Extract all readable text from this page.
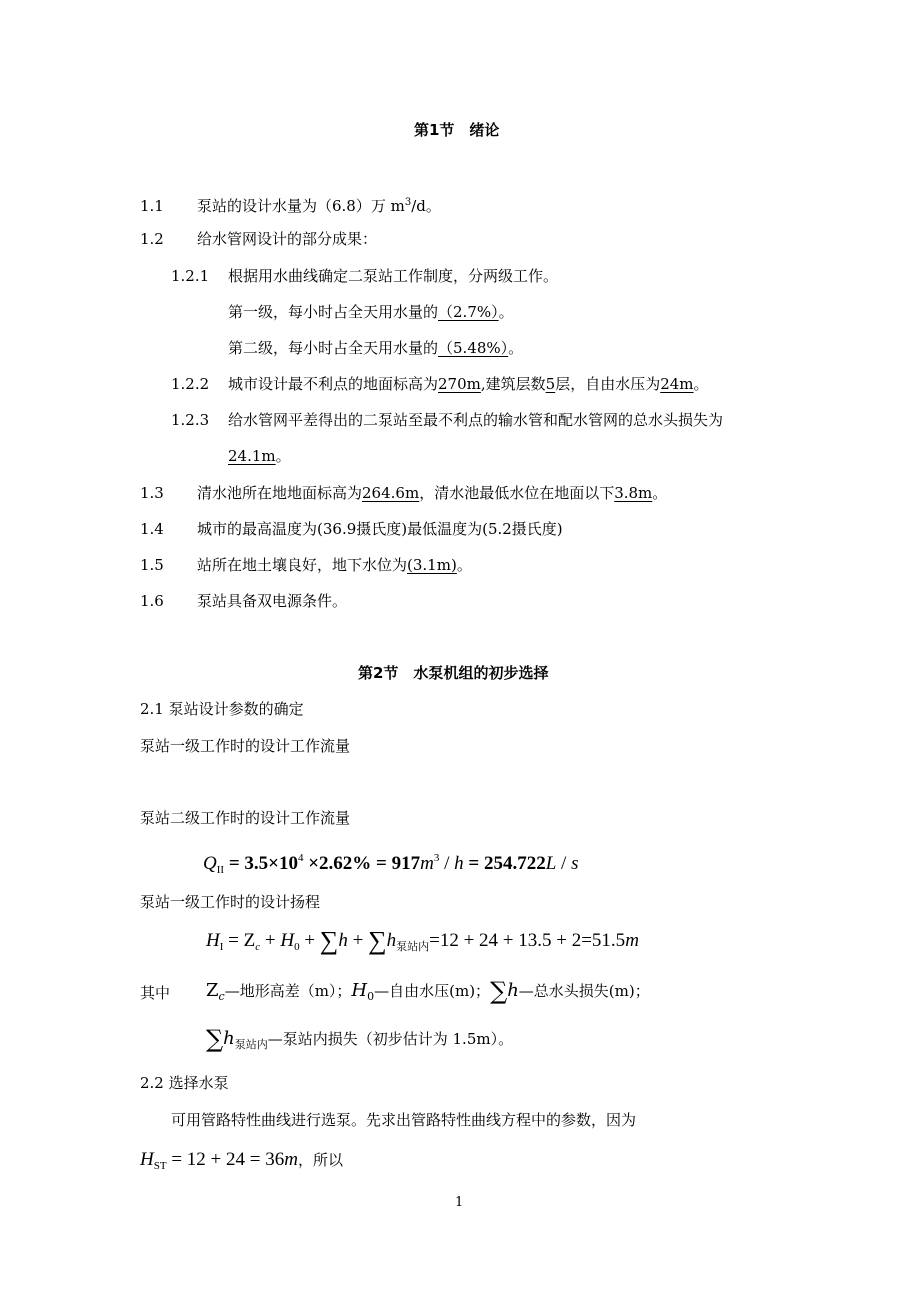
第1节　绪论
1.1 泵站的设计水量为（6.8）万 $m^3/d$。
1.2 给水管网设计的部分成果：
1.2.1 根据用水曲线确定二泵站工作制度，分两级工作。
第一级，每小时占全天用水量的（2.7%）。
第二级，每小时占全天用水量的（5.48%）。
1.2.2 城市设计最不利点的地面标高为270m,建筑层数5层，自由水压为24m。
1.2.3 给水管网平差得出的二泵站至最不利点的输水管和配水管网的总水头损失为
24.1m。
1.3 清水池所在地地面标高为264.6m，清水池最低水位在地面以下3.8m。
1.4 城市的最高温度为(36.9摄氏度)最低温度为(5.2摄氏度)
1.5 站所在地土壤良好，地下水位为(3.1m)。
1.6 泵站具备双电源条件。
第2节　水泵机组的初步选择
2.1 泵站设计参数的确定
泵站一级工作时的设计工作流量
泵站二级工作时的设计工作流量
$Q_{II} = 3.5\times 10^4 \times 2.62\% = 917m^3 / h = 254.722L / s$
泵站一级工作时的设计扬程
$H_I = Z_c + H_0 + \sum h + \sum h_{泵站内}=12 + 24 + 13.5 + 2=51.5m$
其中 $Z_c—$地形高差（m）；$H_0—$自由水压(m)；∑h—总水头损失(m)；
$\sum h_{泵站内}—$泵站内损失（初步估计为 1.5m）。
2.2 选择水泵
可用管路特性曲线进行选泵。先求出管路特性曲线方程中的参数，因为
$H_{ST} = 12 + 24 = 36m$，所以
1
